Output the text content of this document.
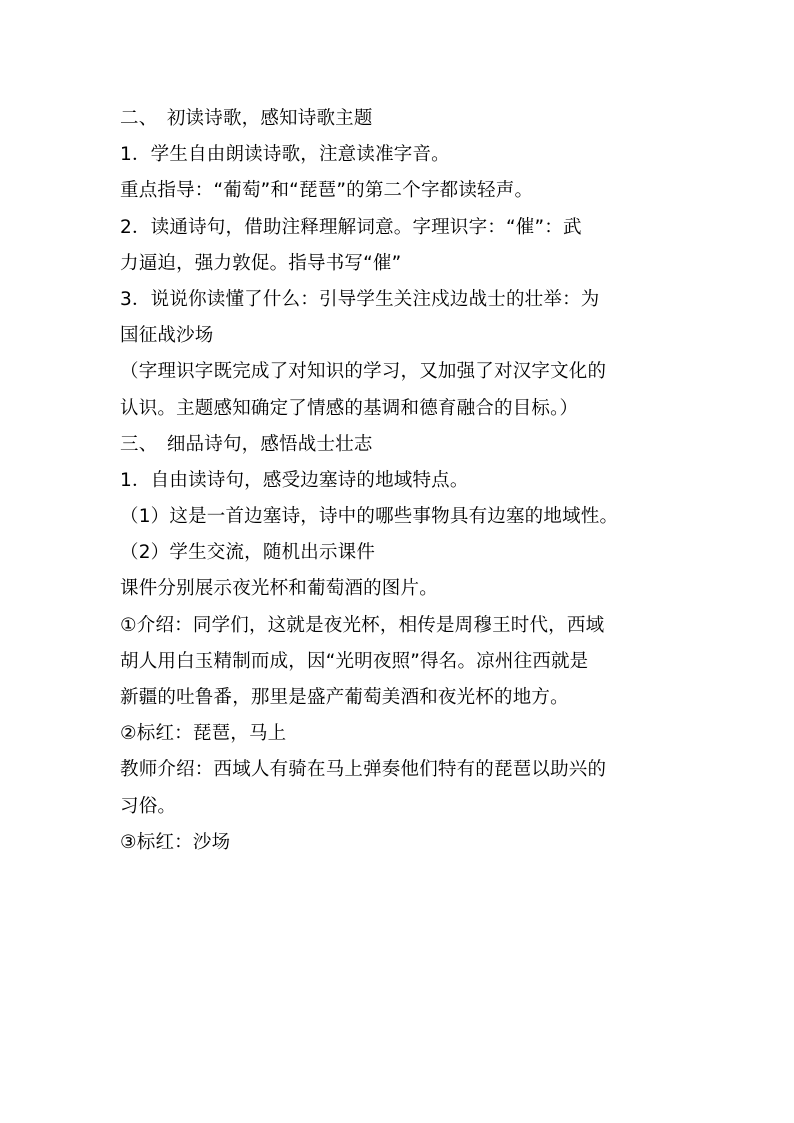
二、　初读诗歌，感知诗歌主题
1．学生自由朗读诗歌，注意读准字音。
重点指导：“葡萄”和“琵琶”的第二个字都读轻声。
2．读通诗句，借助注释理解词意。字理识字：“催”：武
力逼迫，强力敦促。指导书写“催”
3．说说你读懂了什么：引导学生关注戍边战士的壮举：为
国征战沙场
（字理识字既完成了对知识的学习，又加强了对汉字文化的
认识。主题感知确定了情感的基调和德育融合的目标。）
三、　细品诗句，感悟战士壮志
1．自由读诗句，感受边塞诗的地域特点。
（1）这是一首边塞诗，诗中的哪些事物具有边塞的地域性。
（2）学生交流，随机出示课件
课件分别展示夜光杯和葡萄酒的图片。
①介绍：同学们，这就是夜光杯，相传是周穆王时代，西域
胡人用白玉精制而成，因“光明夜照”得名。凉州往西就是
新疆的吐鲁番，那里是盛产葡萄美酒和夜光杯的地方。
②标红：琵琶，马上
教师介绍：西域人有骑在马上弹奏他们特有的琵琶以助兴的
习俗。
③标红：沙场
